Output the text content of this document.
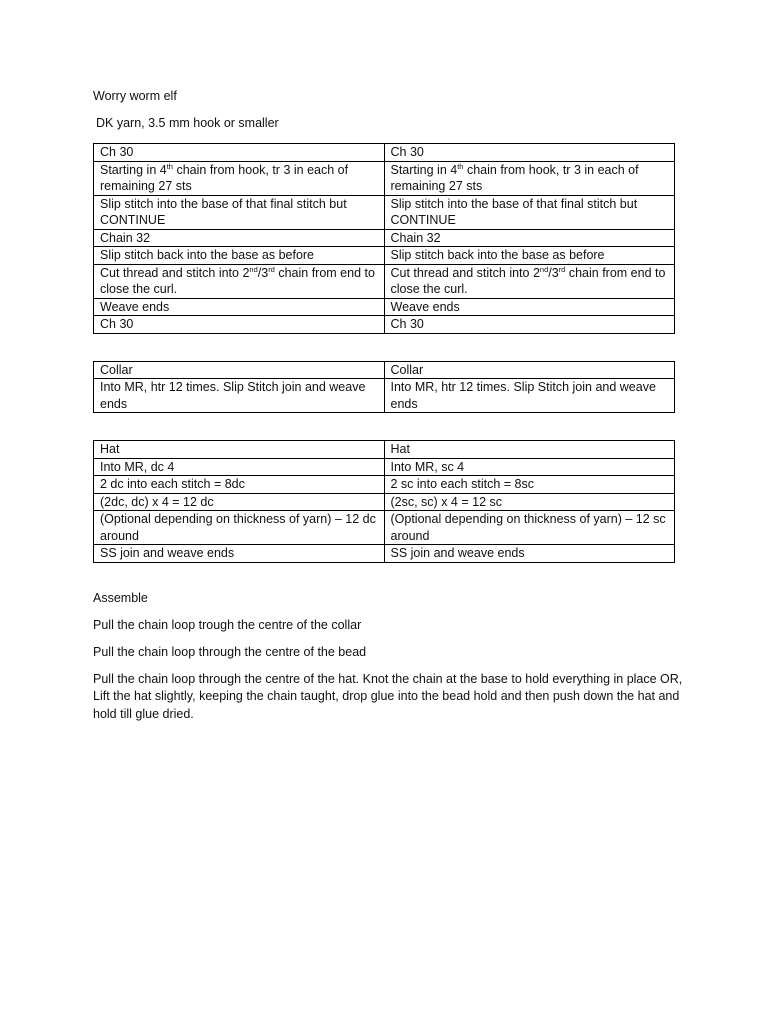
Worry worm elf

DK yarn, 3.5 mm hook or smaller

Ch 30	Ch 30
Starting in 4th chain from hook, tr 3 in each of remaining 27 sts	Starting in 4th chain from hook, tr 3 in each of remaining 27 sts
Slip stitch into the base of that final stitch but CONTINUE	Slip stitch into the base of that final stitch but CONTINUE
Chain 32	Chain 32
Slip stitch back into the base as before	Slip stitch back into the base as before
Cut thread and stitch into 2nd/3rd chain from end to close the curl.	Cut thread and stitch into 2nd/3rd chain from end to close the curl.
Weave ends	Weave ends
Ch 30	Ch 30
Collar	Collar
Into MR, htr 12 times. Slip Stitch join and weave ends	Into MR, htr 12 times. Slip Stitch join and weave ends
Hat	Hat
Into MR, dc 4	Into MR, sc 4
2 dc into each stitch = 8dc	2 sc into each stitch = 8sc
(2dc, dc) x 4 = 12 dc	(2sc, sc) x 4 = 12 sc
(Optional depending on thickness of yarn) – 12 dc around	(Optional depending on thickness of yarn) – 12 sc around
SS join and weave ends	SS join and weave ends

Assemble

Pull the chain loop trough the centre of the collar

Pull the chain loop through the centre of the bead

Pull the chain loop through the centre of the hat. Knot the chain at the base to hold everything in place OR, Lift the hat slightly, keeping the chain taught, drop glue into the bead hold and then push down the hat and hold till glue dried.
